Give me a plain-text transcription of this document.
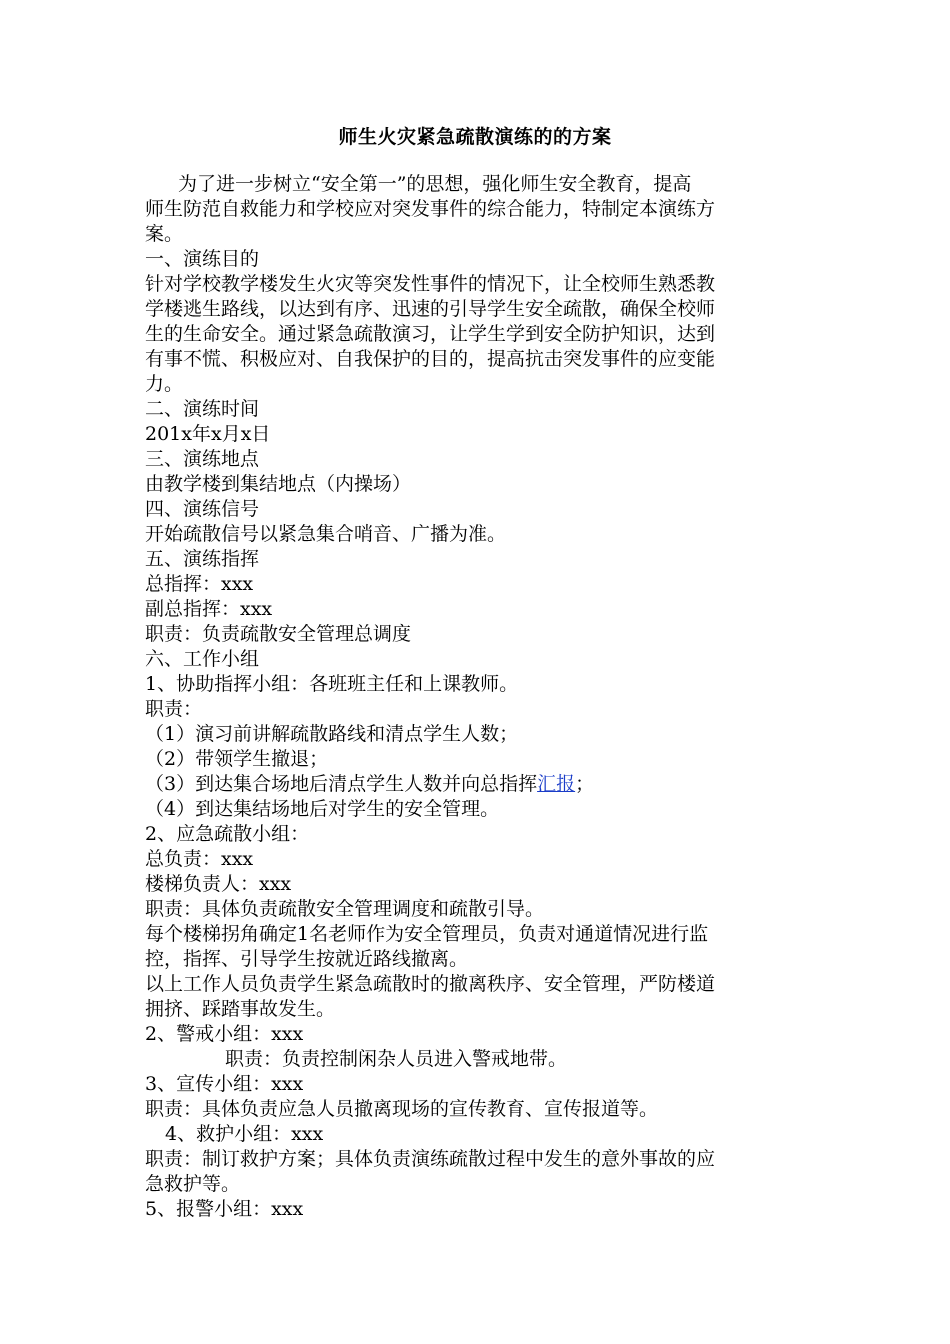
师生火灾紧急疏散演练的的方案
为了进一步树立“安全第一”的思想，强化师生安全教育，提高
师生防范自救能力和学校应对突发事件的综合能力，特制定本演练方
案。
一、演练目的
针对学校教学楼发生火灾等突发性事件的情况下，让全校师生熟悉教
学楼逃生路线，以达到有序、迅速的引导学生安全疏散，确保全校师
生的生命安全。通过紧急疏散演习，让学生学到安全防护知识，达到
有事不慌、积极应对、自我保护的目的，提高抗击突发事件的应变能
力。
二、演练时间
201x年x月x日
三、演练地点
由教学楼到集结地点（内操场）
四、演练信号
开始疏散信号以紧急集合哨音、广播为准。
五、演练指挥
总指挥：xxx
副总指挥：xxx
职责：负责疏散安全管理总调度
六、工作小组
1、协助指挥小组：各班班主任和上课教师。
职责：
（1）演习前讲解疏散路线和清点学生人数；
（2）带领学生撤退；
（3）到达集合场地后清点学生人数并向总指挥汇报；
（4）到达集结场地后对学生的安全管理。
2、应急疏散小组：
总负责：xxx
楼梯负责人：xxx
职责：具体负责疏散安全管理调度和疏散引导。
每个楼梯拐角确定1名老师作为安全管理员，负责对通道情况进行监
控，指挥、引导学生按就近路线撤离。
以上工作人员负责学生紧急疏散时的撤离秩序、安全管理，严防楼道
拥挤、踩踏事故发生。
2、警戒小组：xxx
职责：负责控制闲杂人员进入警戒地带。
3、宣传小组：xxx
职责：具体负责应急人员撤离现场的宣传教育、宣传报道等。
4、救护小组：xxx
职责：制订救护方案；具体负责演练疏散过程中发生的意外事故的应
急救护等。
5、报警小组：xxx
